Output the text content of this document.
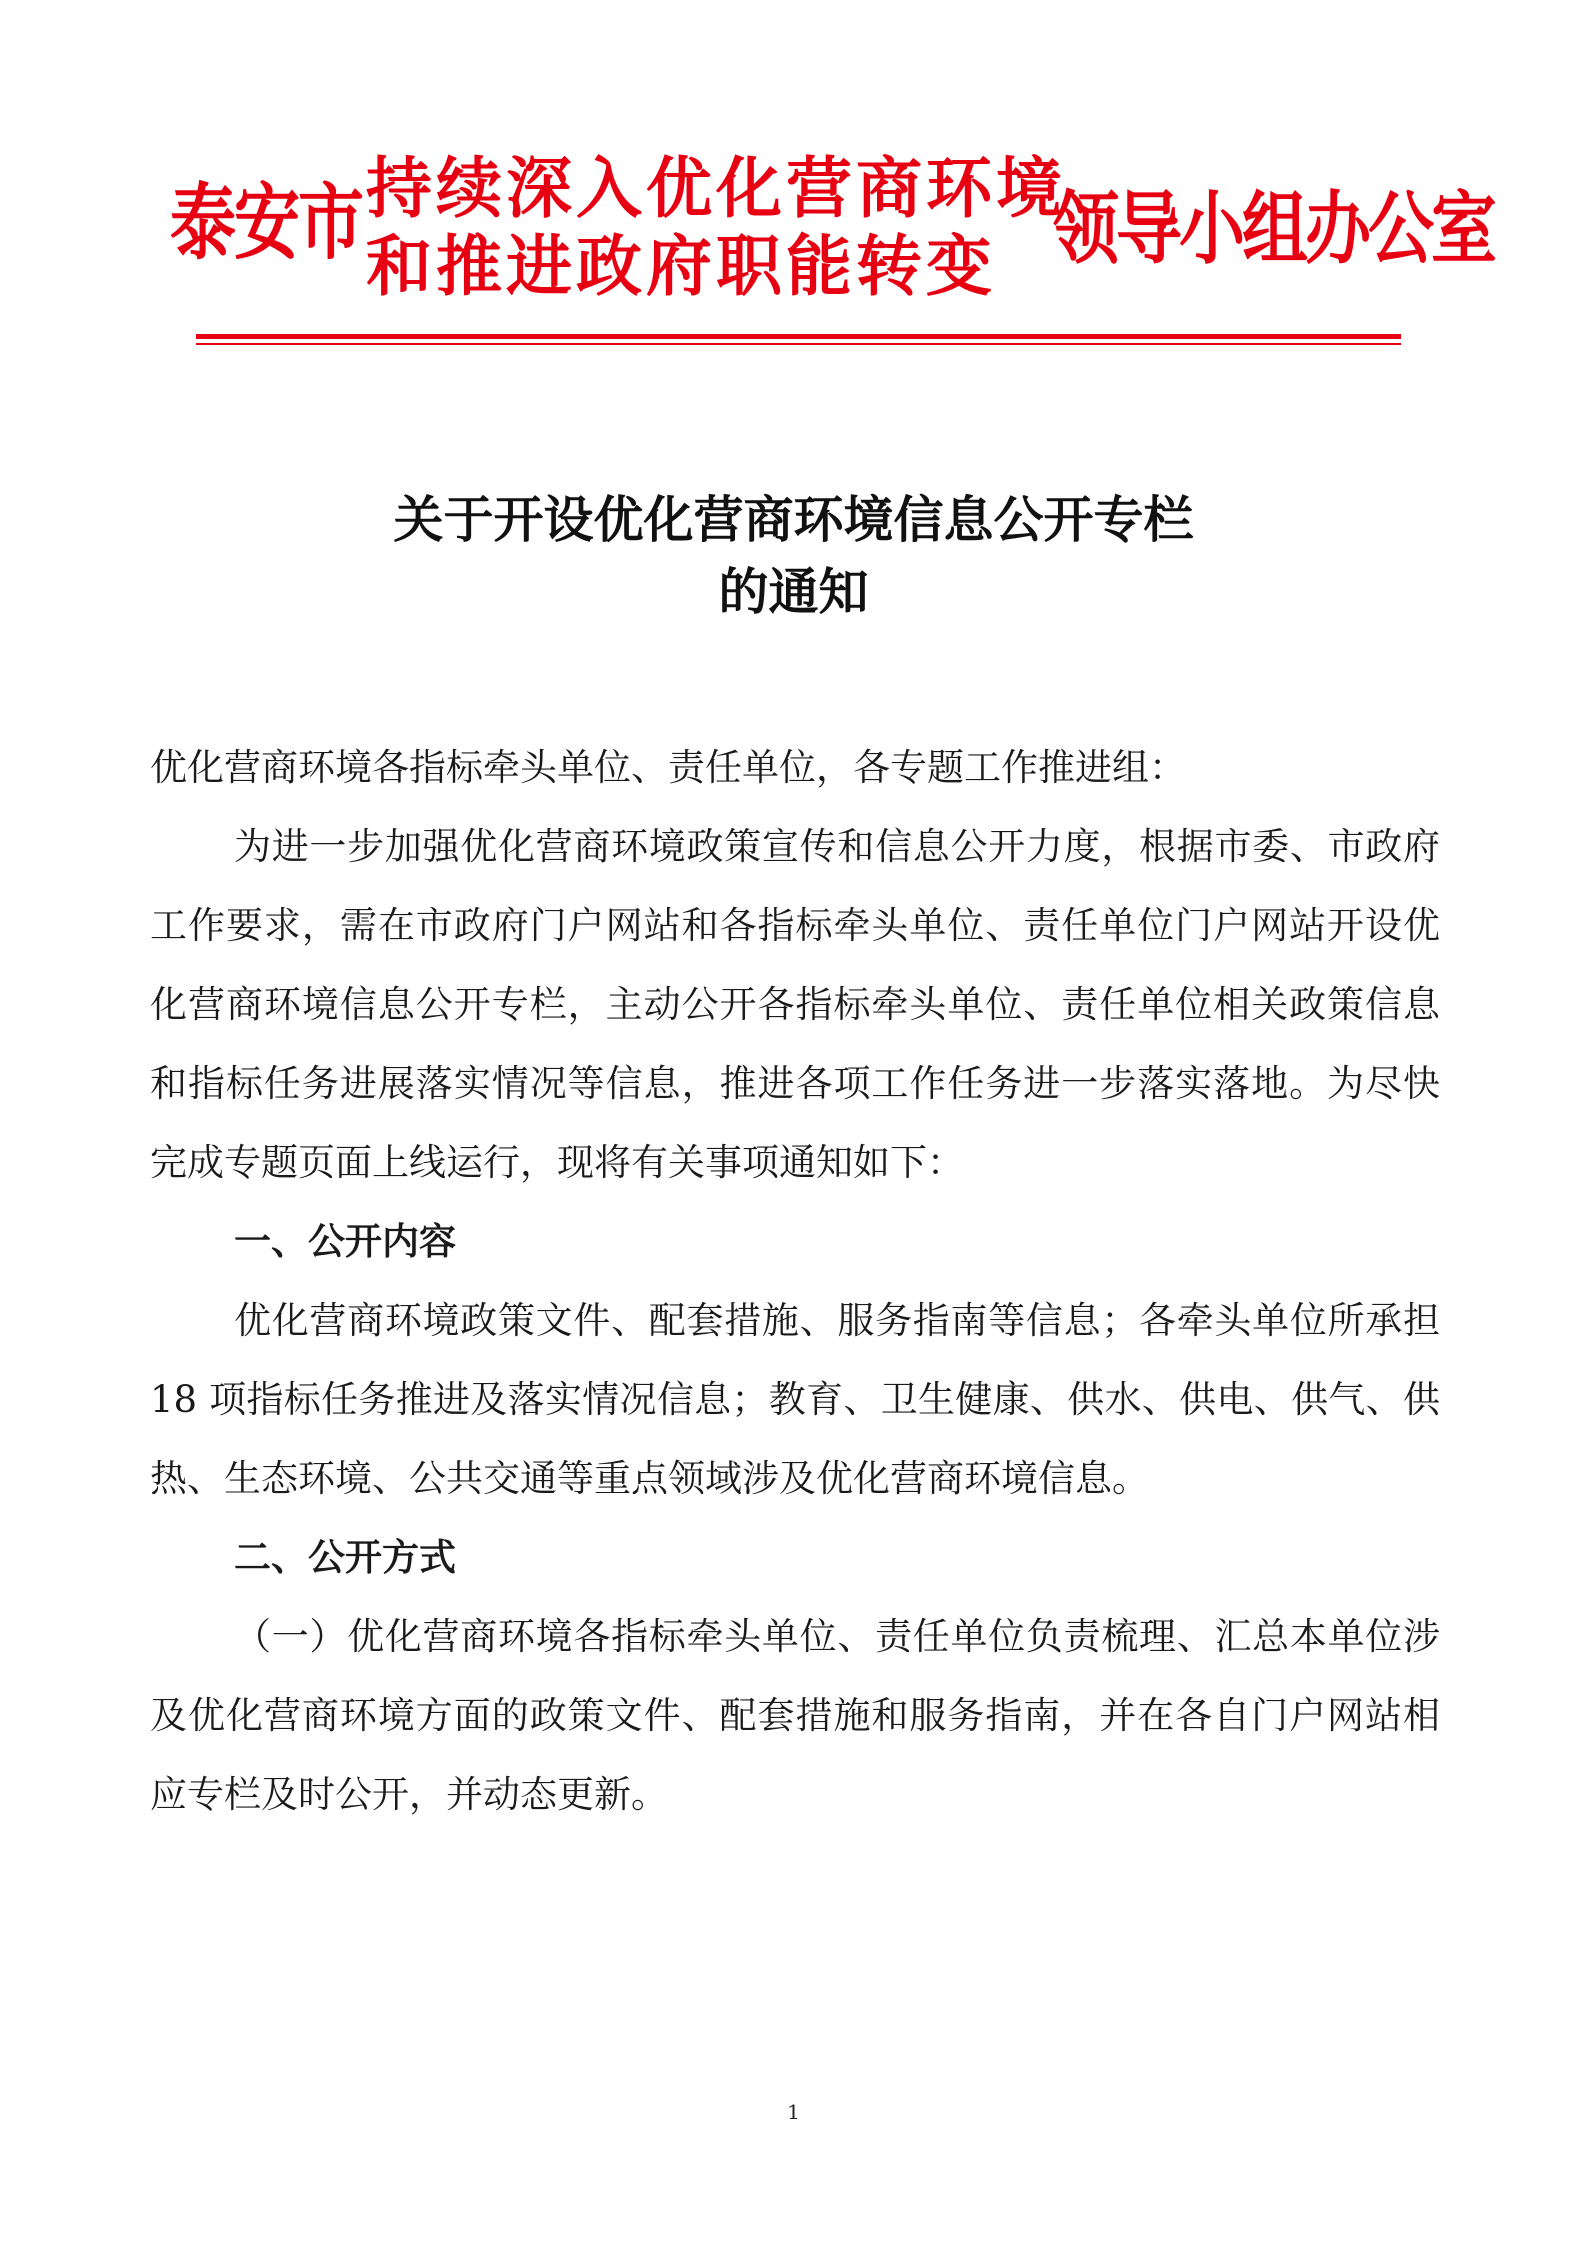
泰安市 持续深入优化营商环境
和推进政府职能转变 领导小组办公室
关于开设优化营商环境信息公开专栏
的通知

优化营商环境各指标牵头单位、责任单位，各专题工作推进组：

为进一步加强优化营商环境政策宣传和信息公开力度，根据市委、市政府工作要求，需在市政府门户网站和各指标牵头单位、责任单位门户网站开设优化营商环境信息公开专栏，主动公开各指标牵头单位、责任单位相关政策信息和指标任务进展落实情况等信息，推进各项工作任务进一步落实落地。为尽快完成专题页面上线运行，现将有关事项通知如下：

一、公开内容

优化营商环境政策文件、配套措施、服务指南等信息；各牵头单位所承担 18 项指标任务推进及落实情况信息；教育、卫生健康、供水、供电、供气、供热、生态环境、公共交通等重点领域涉及优化营商环境信息。

二、公开方式

（一）优化营商环境各指标牵头单位、责任单位负责梳理、汇总本单位涉及优化营商环境方面的政策文件、配套措施和服务指南，并在各自门户网站相应专栏及时公开，并动态更新。

1
